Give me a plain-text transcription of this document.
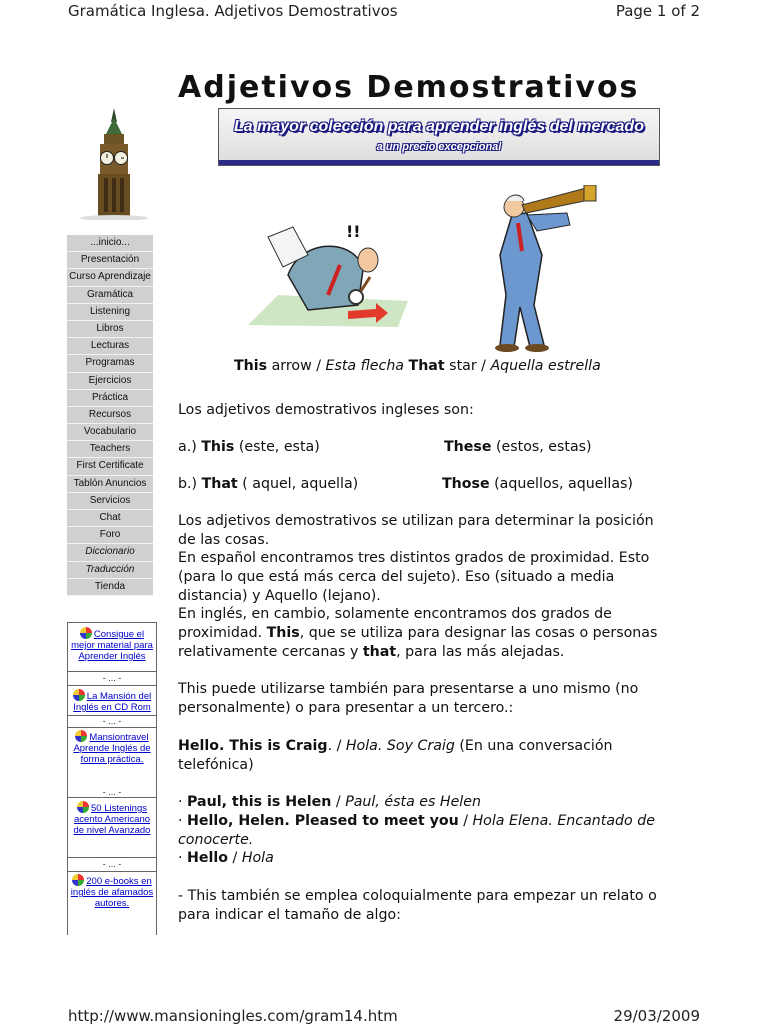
Gramática Inglesa. Adjetivos Demostrativos	Page 1 of 2
Adjetivos Demostrativos
La mayor colección para aprender inglés del mercado
a un precio excepcional
!!
...inicio...
Presentación
Curso Aprendizaje
Gramática
Listening
Libros
Lecturas
Programas
Ejercicios
Práctica
Recursos
Vocabulario
Teachers
First Certificate
Tablón Anuncios
Servicios
Chat
Foro
Diccionario
Traducción
Tienda
Consigue el mejor material para Aprender Inglés
- ... -
La Mansión del Inglés en CD Rom
- ... -
Mansiontravel Aprende Inglés de forma práctica.
- ... -
50 Listenings acento Americano de nivel Avanzado
- ... -
200 e-books en inglés de afamados autores.
This arrow / Esta flecha That star / Aquella estrella
Los adjetivos demostrativos ingleses son:
a.) This (este, esta)	These (estos, estas)
b.) That ( aquel, aquella)	Those (aquellos, aquellas)
Los adjetivos demostrativos se utilizan para determinar la posición
de las cosas.
En español encontramos tres distintos grados de proximidad. Esto
(para lo que está más cerca del sujeto). Eso (situado a media
distancia) y Aquello (lejano).
En inglés, en cambio, solamente encontramos dos grados de
proximidad. This, que se utiliza para designar las cosas o personas
relativamente cercanas y that, para las más alejadas.
This puede utilizarse también para presentarse a uno mismo (no
personalmente) o para presentar a un tercero.:
Hello. This is Craig. / Hola. Soy Craig (En una conversación
telefónica)
· Paul, this is Helen / Paul, ésta es Helen
· Hello, Helen. Pleased to meet you / Hola Elena. Encantado de
conocerte.
· Hello / Hola
- This también se emplea coloquialmente para empezar un relato o
para indicar el tamaño de algo:
http://www.mansioningles.com/gram14.htm	29/03/2009
